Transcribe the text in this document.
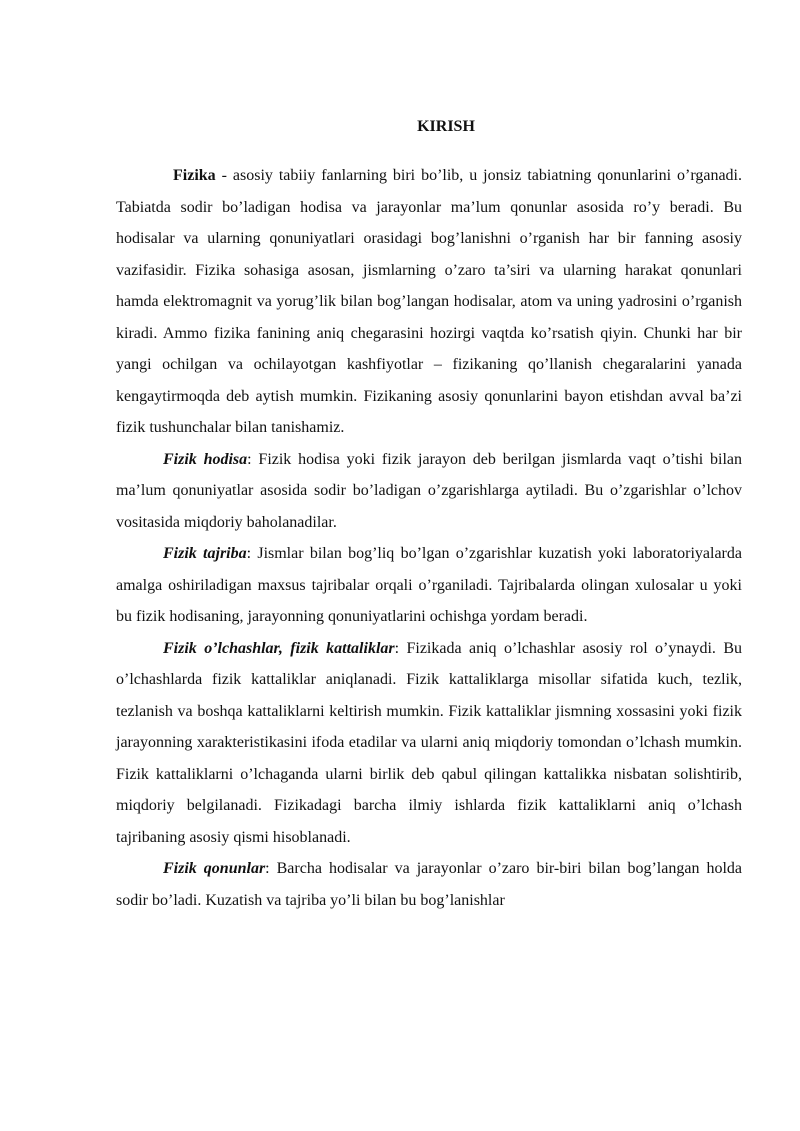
KIRISH

Fizika - asosiy tabiiy fanlarning biri bo’lib, u jonsiz tabiatning qonunlarini o’rganadi. Tabiatda sodir bo’ladigan hodisa va jarayonlar ma’lum qonunlar asosida ro’y beradi. Bu hodisalar va ularning qonuniyatlari orasidagi bog’lanishni o’rganish har bir fanning asosiy vazifasidir. Fizika sohasiga asosan, jismlarning o’zaro ta’siri va ularning harakat qonunlari hamda elektromagnit va yorug’lik bilan bog’langan hodisalar, atom va uning yadrosini o’rganish kiradi. Ammo fizika fanining aniq chegarasini hozirgi vaqtda ko’rsatish qiyin. Chunki har bir yangi ochilgan va ochilayotgan kashfiyotlar – fizikaning qo’llanish chegaralarini yanada kengaytirmoqda deb aytish mumkin. Fizikaning asosiy qonunlarini bayon etishdan avval ba’zi fizik tushunchalar bilan tanishamiz.

Fizik hodisa: Fizik hodisa yoki fizik jarayon deb berilgan jismlarda vaqt o’tishi bilan ma’lum qonuniyatlar asosida sodir bo’ladigan o’zgarishlarga aytiladi. Bu o’zgarishlar o’lchov vositasida miqdoriy baholanadilar.

Fizik tajriba: Jismlar bilan bog’liq bo’lgan o’zgarishlar kuzatish yoki laboratoriyalarda amalga oshiriladigan maxsus tajribalar orqali o’rganiladi. Tajribalarda olingan xulosalar u yoki bu fizik hodisaning, jarayonning qonuniyatlarini ochishga yordam beradi.

Fizik o’lchashlar, fizik kattaliklar: Fizikada aniq o’lchashlar asosiy rol o’ynaydi. Bu o’lchashlarda fizik kattaliklar aniqlanadi. Fizik kattaliklarga misollar sifatida kuch, tezlik, tezlanish va boshqa kattaliklarni keltirish mumkin. Fizik kattaliklar jismning xossasini yoki fizik jarayonning xarakteristikasini ifoda etadilar va ularni aniq miqdoriy tomondan o’lchash mumkin. Fizik kattaliklarni o’lchaganda ularni birlik deb qabul qilingan kattalikka nisbatan solishtirib, miqdoriy belgilanadi. Fizikadagi barcha ilmiy ishlarda fizik kattaliklarni aniq o’lchash tajribaning asosiy qismi hisoblanadi.

Fizik qonunlar: Barcha hodisalar va jarayonlar o’zaro bir-biri bilan bog’langan holda sodir bo’ladi. Kuzatish va tajriba yo’li bilan bu bog’lanishlar
